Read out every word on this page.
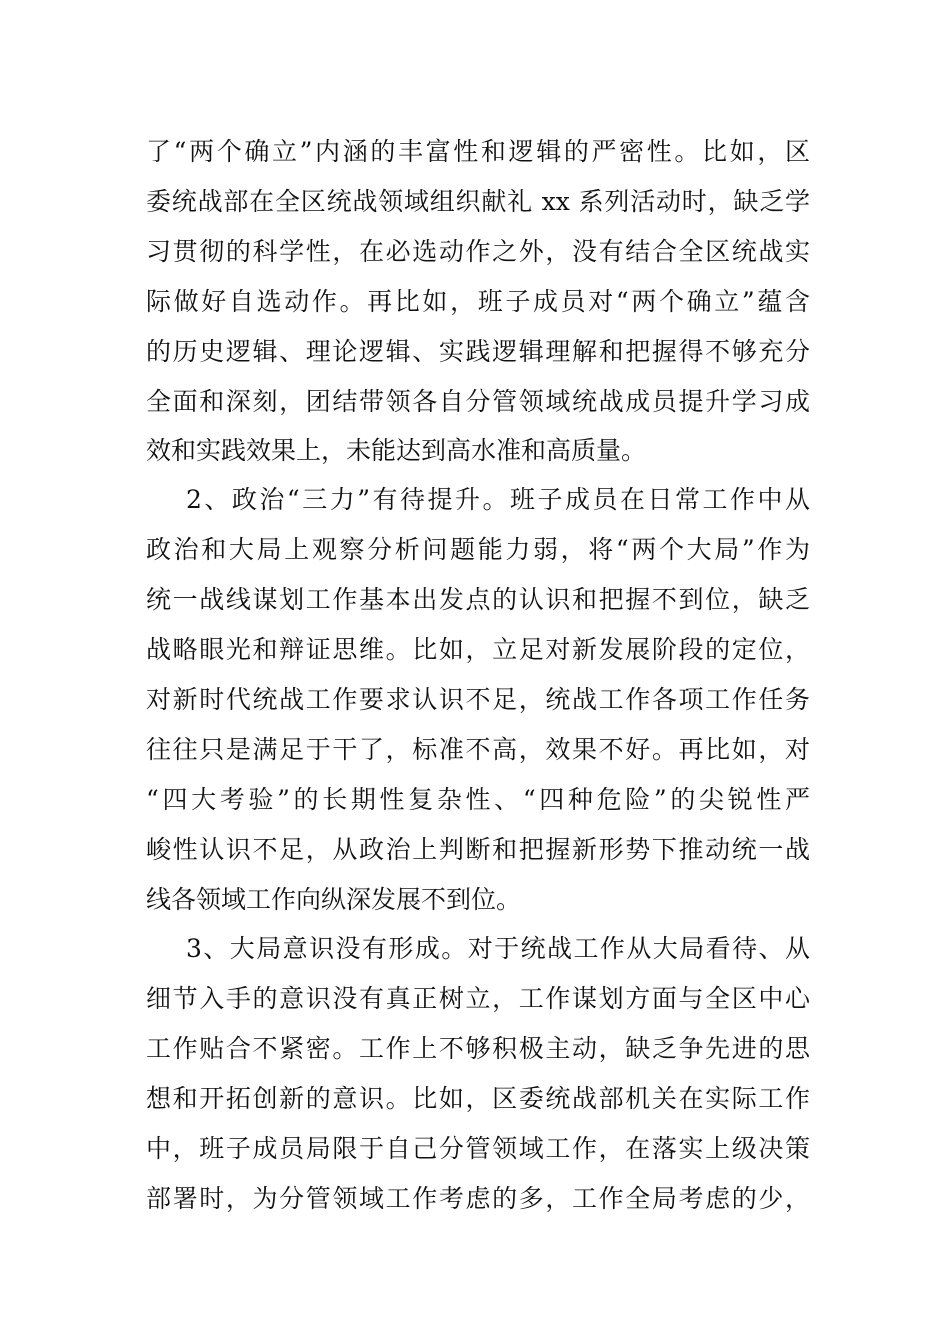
了“两个确立”内涵的丰富性和逻辑的严密性。比如，区
委统战部在全区统战领域组织献礼 xx 系列活动时，缺乏学
习贯彻的科学性，在必选动作之外，没有结合全区统战实
际做好自选动作。再比如，班子成员对“两个确立”蕴含
的历史逻辑、理论逻辑、实践逻辑理解和把握得不够充分
全面和深刻，团结带领各自分管领域统战成员提升学习成
效和实践效果上，未能达到高水准和高质量。
2、政治“三力”有待提升。班子成员在日常工作中从
政治和大局上观察分析问题能力弱，将“两个大局”作为
统一战线谋划工作基本出发点的认识和把握不到位，缺乏
战略眼光和辩证思维。比如，立足对新发展阶段的定位，
对新时代统战工作要求认识不足，统战工作各项工作任务
往往只是满足于干了，标准不高，效果不好。再比如，对
“四大考验”的长期性复杂性、“四种危险”的尖锐性严
峻性认识不足，从政治上判断和把握新形势下推动统一战
线各领域工作向纵深发展不到位。
3、大局意识没有形成。对于统战工作从大局看待、从
细节入手的意识没有真正树立，工作谋划方面与全区中心
工作贴合不紧密。工作上不够积极主动，缺乏争先进的思
想和开拓创新的意识。比如，区委统战部机关在实际工作
中，班子成员局限于自己分管领域工作，在落实上级决策
部署时，为分管领域工作考虑的多，工作全局考虑的少，
